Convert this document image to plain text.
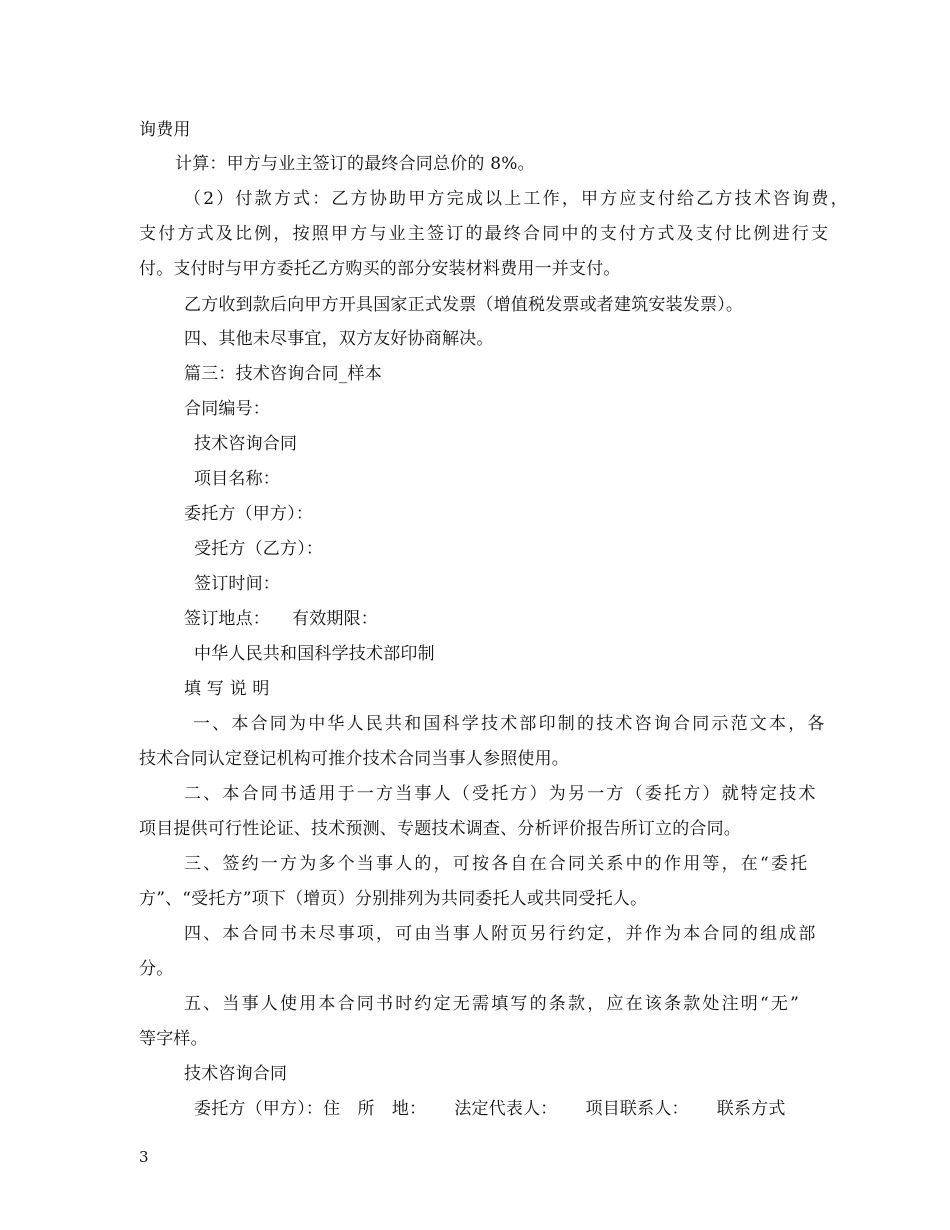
询费用
计算：甲方与业主签订的最终合同总价的 8%。
（2）付款方式：乙方协助甲方完成以上工作，甲方应支付给乙方技术咨询费，
支付方式及比例，按照甲方与业主签订的最终合同中的支付方式及支付比例进行支
付。支付时与甲方委托乙方购买的部分安装材料费用一并支付。
乙方收到款后向甲方开具国家正式发票（增值税发票或者建筑安装发票）。
四、其他未尽事宜，双方友好协商解决。
篇三：技术咨询合同_样本
合同编号：
技术咨询合同
项目名称：
委托方（甲方）：
受托方（乙方）：
签订时间：
签订地点： 有效期限：
中华人民共和国科学技术部印制
填 写 说 明
一、本合同为中华人民共和国科学技术部印制的技术咨询合同示范文本，各
技术合同认定登记机构可推介技术合同当事人参照使用。
二、本合同书适用于一方当事人（受托方）为另一方（委托方）就特定技术
项目提供可行性论证、技术预测、专题技术调查、分析评价报告所订立的合同。
三、签约一方为多个当事人的，可按各自在合同关系中的作用等，在“委托
方”、“受托方”项下（增页）分别排列为共同委托人或共同受托人。
四、本合同书未尽事项，可由当事人附页另行约定，并作为本合同的组成部
分。
五、当事人使用本合同书时约定无需填写的条款，应在该条款处注明“无”
等字样。
技术咨询合同
委托方（甲方）：住　所　地： 法定代表人： 项目联系人： 联系方式
3
